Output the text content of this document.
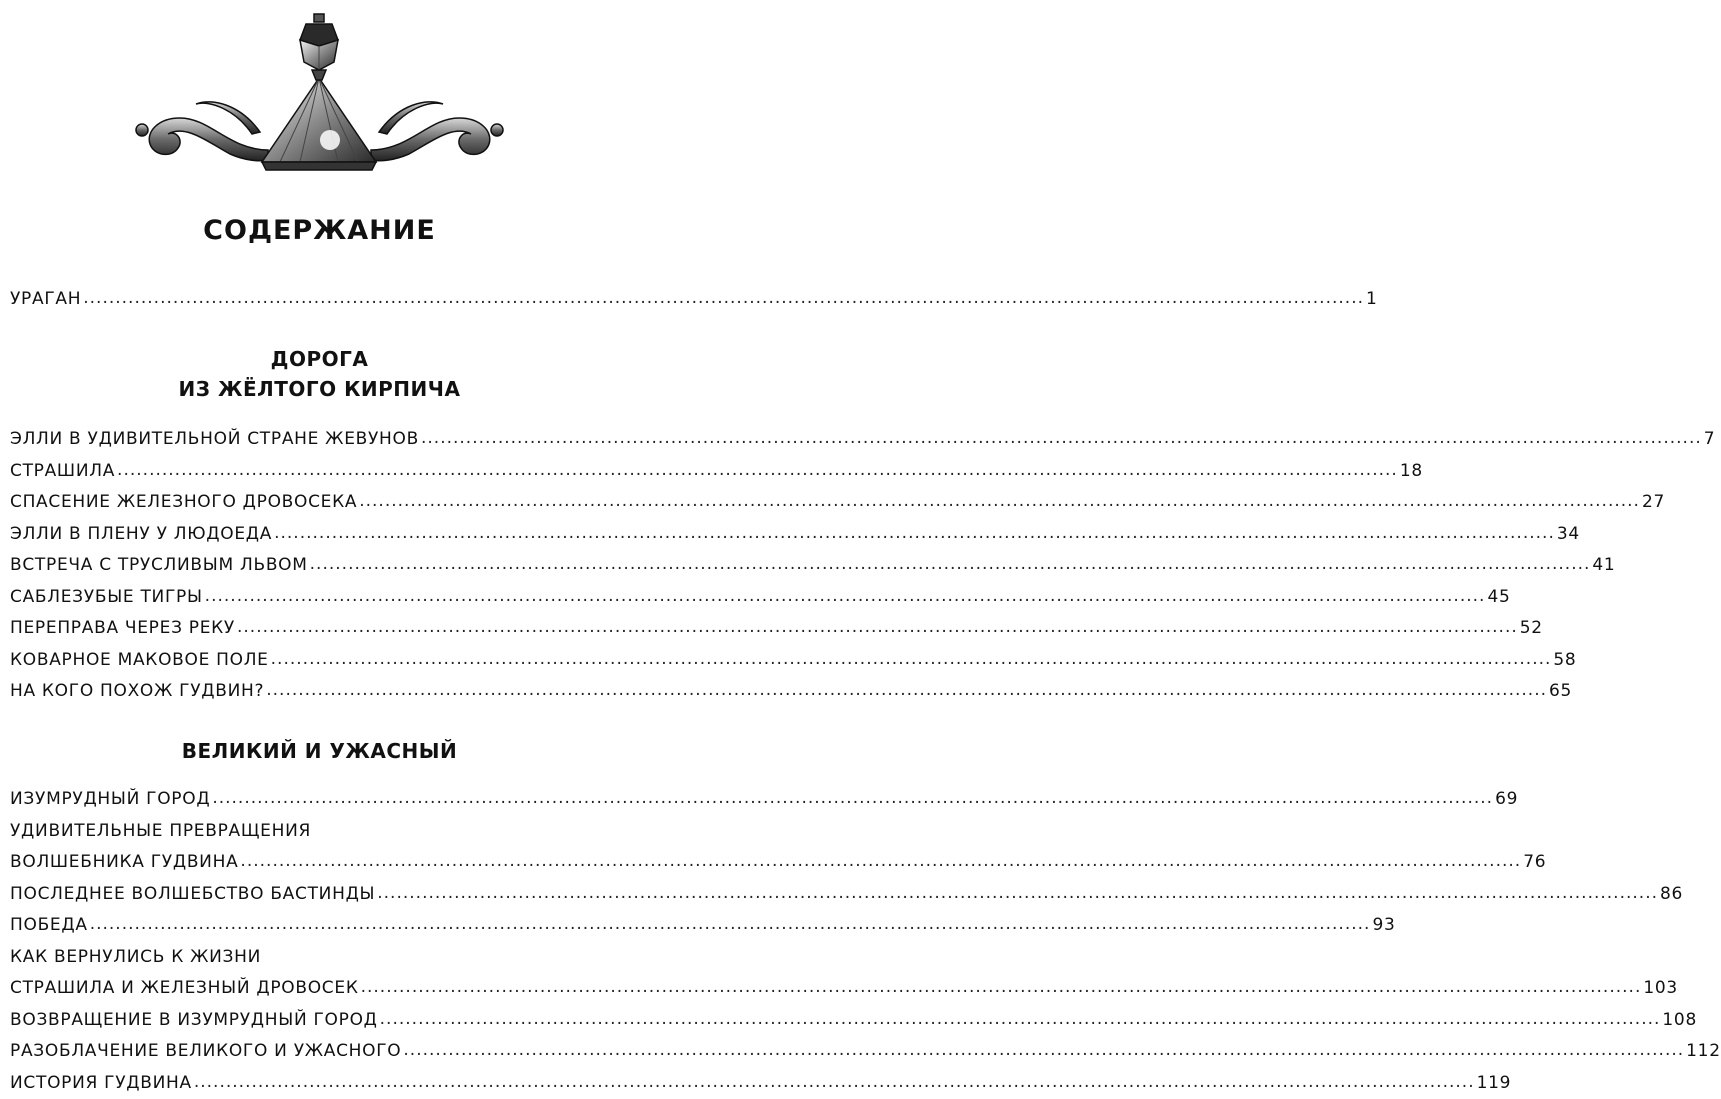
СОДЕРЖАНИЕ
УРАГАН ........................................................................................................................................................................................................ 1
ДОРОГА
ИЗ ЖЁЛТОГО КИРПИЧА
ЭЛЛИ В УДИВИТЕЛЬНОЙ СТРАНЕ ЖЕВУНОВ ........................................................................................................................................................................................................ 7
СТРАШИЛА ........................................................................................................................................................................................................ 18
СПАСЕНИЕ ЖЕЛЕЗНОГО ДРОВОСЕКА ........................................................................................................................................................................................................ 27
ЭЛЛИ В ПЛЕНУ У ЛЮДОЕДА ........................................................................................................................................................................................................ 34
ВСТРЕЧА С ТРУСЛИВЫМ ЛЬВОМ ........................................................................................................................................................................................................ 41
САБЛЕЗУБЫЕ ТИГРЫ ........................................................................................................................................................................................................ 45
ПЕРЕПРАВА ЧЕРЕЗ РЕКУ ........................................................................................................................................................................................................ 52
КОВАРНОЕ МАКОВОЕ ПОЛЕ ........................................................................................................................................................................................................ 58
НА КОГО ПОХОЖ ГУДВИН? ........................................................................................................................................................................................................ 65
ВЕЛИКИЙ И УЖАСНЫЙ
ИЗУМРУДНЫЙ ГОРОД ........................................................................................................................................................................................................ 69
УДИВИТЕЛЬНЫЕ ПРЕВРАЩЕНИЯ
ВОЛШЕБНИКА ГУДВИНА ........................................................................................................................................................................................................ 76
ПОСЛЕДНЕЕ ВОЛШЕБСТВО БАСТИНДЫ ........................................................................................................................................................................................................ 86
ПОБЕДА ........................................................................................................................................................................................................ 93
КАК ВЕРНУЛИСЬ К ЖИЗНИ
СТРАШИЛА И ЖЕЛЕЗНЫЙ ДРОВОСЕК ........................................................................................................................................................................................................ 103
ВОЗВРАЩЕНИЕ В ИЗУМРУДНЫЙ ГОРОД ........................................................................................................................................................................................................ 108
РАЗОБЛАЧЕНИЕ ВЕЛИКОГО И УЖАСНОГО ........................................................................................................................................................................................................ 112
ИСТОРИЯ ГУДВИНА ........................................................................................................................................................................................................ 119
